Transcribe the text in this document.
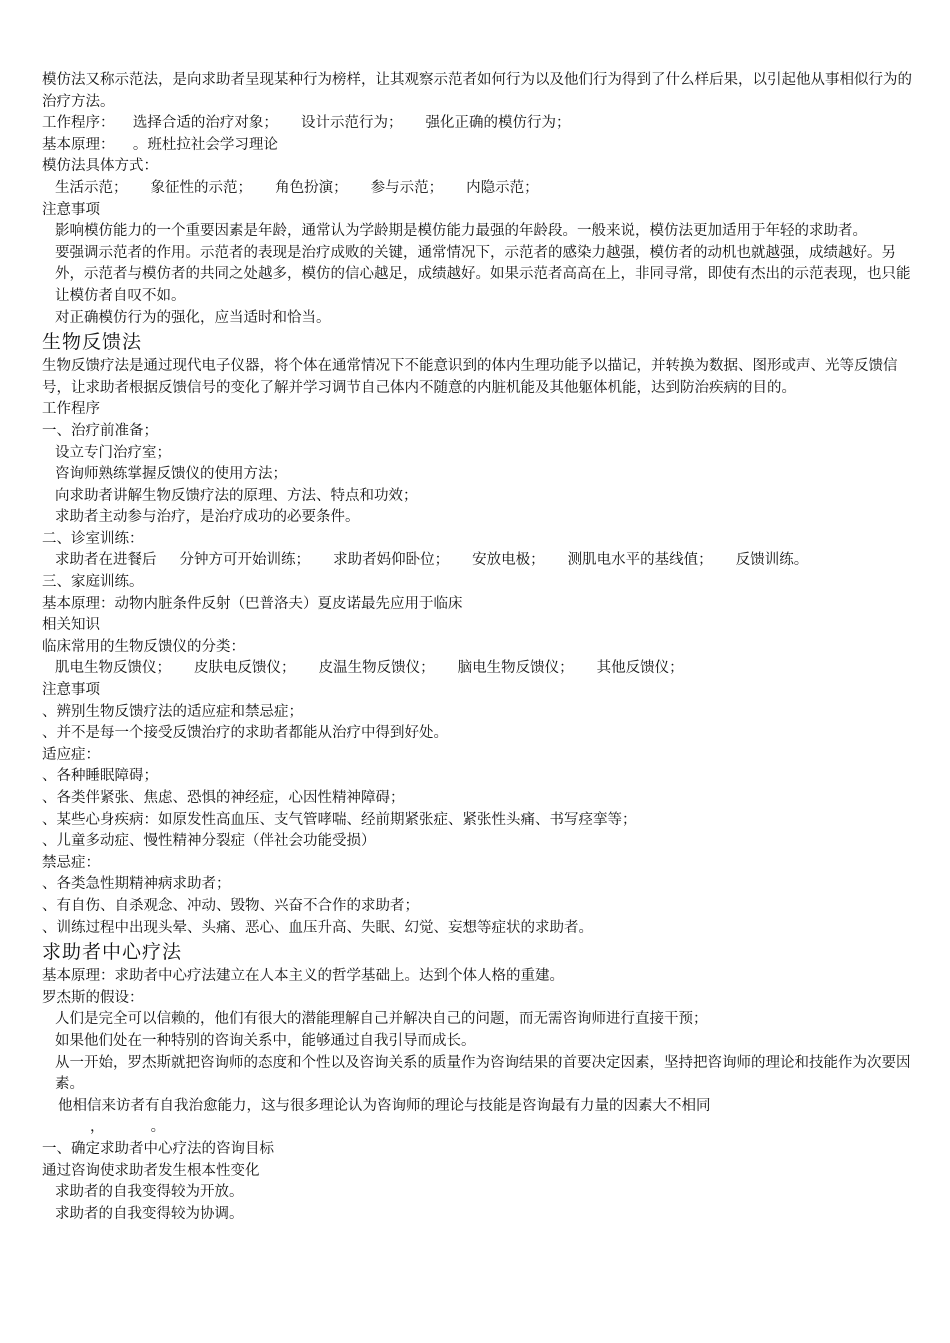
模仿法又称示范法，是向求助者呈现某种行为榜样，让其观察示范者如何行为以及他们行为得到了什么样后果，以引起他从事相似行为的治疗方法。

工作程序：    选择合适的治疗对象；     设计示范行为；     强化正确的模仿行为；

基本原理：    。班杜拉社会学习理论

模仿法具体方式：

生活示范；     象征性的示范；     角色扮演；     参与示范；     内隐示范；

注意事项

影响模仿能力的一个重要因素是年龄，通常认为学龄期是模仿能力最强的年龄段。一般来说，模仿法更加适用于年轻的求助者。

要强调示范者的作用。示范者的表现是治疗成败的关键，通常情况下，示范者的感染力越强，模仿者的动机也就越强，成绩越好。另外，示范者与模仿者的共同之处越多，模仿的信心越足，成绩越好。如果示范者高高在上，非同寻常，即使有杰出的示范表现，也只能让模仿者自叹不如。

对正确模仿行为的强化，应当适时和恰当。

生物反馈法

生物反馈疗法是通过现代电子仪器，将个体在通常情况下不能意识到的体内生理功能予以描记，并转换为数据、图形或声、光等反馈信号，让求助者根据反馈信号的变化了解并学习调节自己体内不随意的内脏机能及其他躯体机能，达到防治疾病的目的。

工作程序

一、治疗前准备；

设立专门治疗室；

咨询师熟练掌握反馈仪的使用方法；

向求助者讲解生物反馈疗法的原理、方法、特点和功效；

求助者主动参与治疗，是治疗成功的必要条件。

二、诊室训练：

求助者在进餐后     分钟方可开始训练；     求助者妈仰卧位；     安放电极；     测肌电水平的基线值；     反馈训练。

三、家庭训练。

基本原理：动物内脏条件反射（巴普洛夫）夏皮诺最先应用于临床

相关知识

临床常用的生物反馈仪的分类：

肌电生物反馈仪；     皮肤电反馈仪；     皮温生物反馈仪；     脑电生物反馈仪；     其他反馈仪；

注意事项

、辨别生物反馈疗法的适应症和禁忌症；

、并不是每一个接受反馈治疗的求助者都能从治疗中得到好处。

适应症：

、各种睡眠障碍；

、各类伴紧张、焦虑、恐惧的神经症，心因性精神障碍；

、某些心身疾病：如原发性高血压、支气管哮喘、经前期紧张症、紧张性头痛、书写痉挛等；

、儿童多动症、慢性精神分裂症（伴社会功能受损）

禁忌症：

、各类急性期精神病求助者；

、有自伤、自杀观念、冲动、毁物、兴奋不合作的求助者；

、训练过程中出现头晕、头痛、恶心、血压升高、失眠、幻觉、妄想等症状的求助者。

求助者中心疗法

基本原理：求助者中心疗法建立在人本主义的哲学基础上。达到个体人格的重建。

罗杰斯的假设：

人们是完全可以信赖的，他们有很大的潜能理解自己并解决自己的问题，而无需咨询师进行直接干预；

如果他们处在一种特别的咨询关系中，能够通过自我引导而成长。

从一开始，罗杰斯就把咨询师的态度和个性以及咨询关系的质量作为咨询结果的首要决定因素，坚持把咨询师的理论和技能作为次要因素。

他相信来访者有自我治愈能力，这与很多理论认为咨询师的理论与技能是咨询最有力量的因素大不相同

，          。

一、确定求助者中心疗法的咨询目标

通过咨询使求助者发生根本性变化

求助者的自我变得较为开放。

求助者的自我变得较为协调。
